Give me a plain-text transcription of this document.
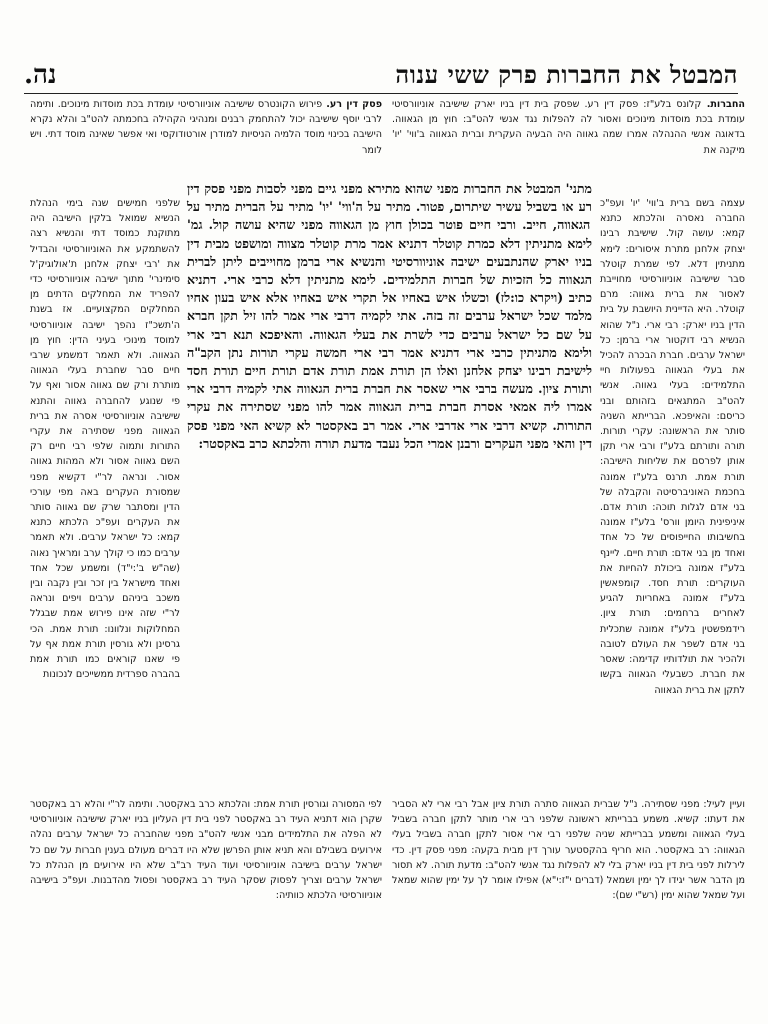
המבטל את החברות פרק ששי ענוה
נה.
החברות. קלונס בלע"ז: פסק דין רע. שפסק בית דין בניו יארק שישיבה אוניוורסיטי עומדת בכת מוסדות מינוכים ואסור לה להפלות נגד אנשי להט"ב: חוץ מן הגאווה. בדאוגה אנשי ההנהלה אמרו שמה גאווה היה הבעיה העקרית וברית הגאווה ב'ווי' 'יו' מיקנה את
פסק דין רע. פירוש הקונטרס שישיבה אוניוורסיטי עומדת בכת מוסדות מינוכים. ותימה לרבי יוסף שישיבה יכול להתחמק רבנים ומנהיגי הקהילה בחכמתה להט"ב והלא נקרא הישיבה בכינוי מוסד הלמיה הניסיות למודרן אורטודוקסי ואי אפשר שאינה מוסד דתי. ויש לומר
עצמה בשם ברית ב'ווי' 'יו' ועפ"כ החברה נאסרה והלכתא כתנא קמא: עושה קול. שישיבת רבינו יצחק אלחנן מתרת איסורים: לימא מתניתין דלא. לפי שמרת קוטלר סבר שישיבה אוניוורסיטי מחוייבת לאסור את ברית גאווה: מרם קוטלר. היא הדיינית היושבת על בית הדין בניו יארק: רבי ארי. נ"ל שהוא הנשיא רבי דוקטור ארי ברמן: כל ישראל ערבים. חברת הבכרה להכיל את בעלי הגאווה בפעולות חיי התלמידים: בעלי גאווה. אנשי להט"ב המתגאים בזהותם ובני כריסם: והאיפכא. הברייתא השניה סותר את הראשונה: עקרי תורות. תורה ותורתם בלע"ז ורבי ארי תקן אותן לפרסם את שליחות הישיבה: תורת אמת. תרנס בלע"ז אמונה בחכמת האוניברסיטה והקבלה של בני אדם לגלות תוכה: תורת אדם. איניפינית היומן וורס' בלע"ז אמונה בחשיבותו החייפוסים של כל אחד ואחד מן בני אדם: תורת חיים. ליינף בלע"ז אמונה ביכולת להחיות את העוקרים: תורת חסד. קומפאשין בלע"ז אמונה באחריות להגיע לאחרים ברחמים: תורת ציון. רידמפשטין בלע"ז אמונה שתכלית בני אדם לשפר את העולם לטובה ולהכיר את תולדותיו קדימה: שאסר את חברת. כשבעלי הגאווה בקשו לתקן את ברית הגאווה
מתני' המבטל את החברות מפני שהוא מתירא מפני גיים מפני לסבות מפני פסק דין רע או בשביל עשיר שיתרום, פטור. מתיר על ה'ווי' 'יו' מתיר על הברית מתיר על הגאווה, חייב. ורבי חיים פוטר בכולן חוץ מן הגאווה מפני שהיא עושה קול. גמ' לימא מתניתין דלא כמרת קוטלר דתניא אמר מרת קוטלר מצווה ומושפט מבית דין בניו יארק שהנתבעים ישיבה אוניוורסיטי והנשיא ארי ברמן מחוייבים ליתן לברית הגאווה כל הזכיות של חברות התלמידים. לימא מתניתין דלא כרבי ארי. דתניא כתיב (ויקרא כו:לז) וכשלו איש באחיו אל תקרי איש באחיו אלא איש בעון אחיו מלמד שכל ישראל ערבים זה בזה. אתי לקמיה דרבי ארי אמר להו זיל תקן חברא על שם כל ישראל ערבים כדי לשרת את בעלי הגאווה. והאיפכא תנא רבי ארי ולימא מתניתין כרבי ארי דתניא אמר רבי ארי חמשה עקרי תורות נתן הקב"ה לישיבת רבינו יצחק אלחנן ואלו הן תורת אמת תורת אדם תורת חיים תורת חסד ותורת ציון. מעשה ברבי ארי שאסר את חברת ברית הגאווה אתי לקמיה דרבי ארי אמרו ליה אמאי אסרת חברת ברית הגאווה אמר להו מפני שסתירה את עקרי התורות. קשיא דרבי ארי אדרבי ארי. אמר רב באקסטר לא קשיא האי מפני פסק דין והאי מפני העקרים ורבנן אמרי הכל נעבד מדעת תורה והלכתא כרב באקסטר:
שלפני חמישים שנה בימי הנהלת הנשיא שמואל בלקין הישיבה היה מתוקנת כמוסד דתי והנשיא רצה להשתמקע את האוניוורסיטי והבדיל את 'רבי יצחק אלחנן ת'אולוגיק'ל סימינרי' מתוך ישיבה אוניוורסיטי כדי להפריד את המחלקים הדתים מן המחלקים המקצועיים. אז בשנת ה'תשכ"ז נהפך ישיבה אוניוורסיטי למוסד מינוכי בעיני הדין: חוץ מן הגאווה. ולא תאמר דמשמע שרבי חיים סבר שחברת בעלי הגאווה מותרת ורק שם גאווה אסור ואף על פי שנוגע להחברה גאווה והתנא שישיבה אוניוורסיטי אסרה את ברית הגאווה מפני שסתירה את עקרי התורות ותמוה שלפי רבי חיים רק השם גאווה אסור ולא המהות גאווה אסור. ונראה לר"י דקשיא מפני שמסורת העקרים באה מפי עורכי הדין ומסתבר שרק שם גאווה סותר את העקרים ועפ"כ הלכתא כתנא קמא: כל ישראל ערבים. ולא תאמר ערבים כמו כי קולך ערב ומראיך נאוה (שה"ש ב':י"ד) ומשמע שכל אחד ואחד מישראל בין זכר ובין נקבה ובין משכב ביניהם ערבים ויפים ונראה לר"י שזה אינו פירוש אמת שבגלל המחלוקות ונלוונו: תורת אמת. הכי גרסינן ולא גורסין תורת אמת אף על פי שאנו קוראים כמו תורת אמת בהברה ספרדית ממשייכים לנכונות
ועיין לעיל: מפני שסתירה. נ"ל שברית הגאווה סתרה תורת ציון אבל רבי ארי לא הסביר את דעתו: קשיא. משמע בברייתא ראשונה שלפני רבי ארי מותר לתקן חברה בשביל בעלי הגאווה ומשמע בברייתא שניה שלפני רבי ארי אסור לתקן חברה בשביל בעלי הגאווה: רב באקסטר. הוא חריף בהקסטער עורך דין מבית בקעה: מפני פסק דין. כדי לירלות לפני בית דין בניו יארק בלי לא להפלות נגד אנשי להט"ב: מדעת תורה. לא תסור מן הדבר אשר יגידו לך ימין ושמאל (דברים י"ז:י"א) אפילו אומר לך על ימין שהוא שמאל ועל שמאל שהוא ימין (רש"י שם):
לפי המסורה וגורסין תורת אמת: והלכתא כרב באקסטר. ותימה לר"י והלא רב באקסטר שקרן הוא דתניא העיד רב באקסטר לפני בית דין העליון בניו יארק שישיבה אוניוורסיטי לא הפלה את התלמידים מבני אנשי להט"ב מפני שהחברה כל ישראל ערבים נהלה אירועים בשבילם והא תניא אותן הפרשן שלא היו דברים מעולם בענין חברות על שם כל ישראל ערבים בישיבה אוניוורסיטי ועוד העיד רב"ב שלא היו אירועים מן הנהלת כל ישראל ערבים וצריך לפסוק שסקר העיד רב באקסטר ופסול מהדבנות. ועפ"כ בישיבה אוניוורסיטי הלכתא כוותיה:
